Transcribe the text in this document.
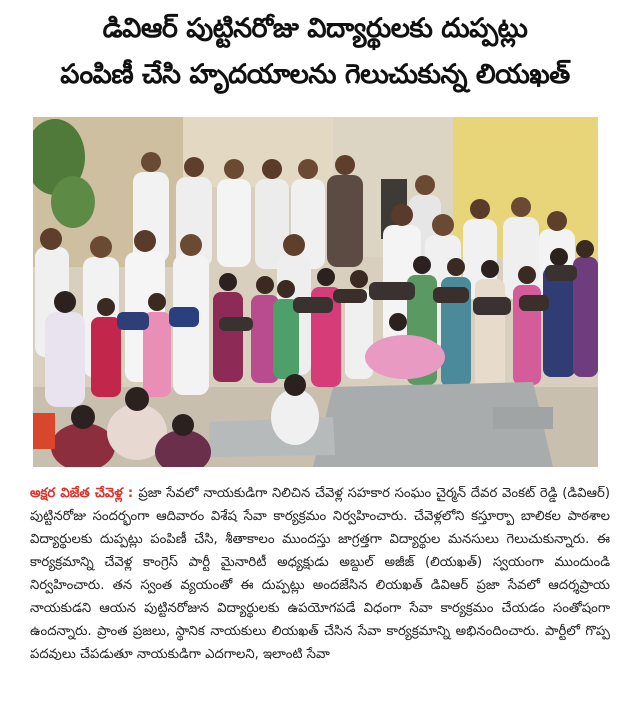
డివిఆర్ పుట్టినరోజు విద్యార్థులకు దుప్పట్లు
పంపిణీ చేసి హృదయాలను గెలుచుకున్న లియఖత్
అక్షర విజేత చేవెళ్ల : ప్రజా సేవలో నాయకుడిగా నిలిచిన చేవెళ్ల సహకార సంఘం చైర్మన్ దేవర వెంకట్ రెడ్డి (డివిఆర్) పుట్టినరోజు సందర్భంగా ఆదివారం విశేష సేవా కార్యక్రమం నిర్వహించారు. చేవెళ్లలోని కస్తూర్బా బాలికల పాఠశాల విద్యార్థులకు దుప్పట్లు పంపిణీ చేసి, శీతాకాలం ముందస్తు జాగ్రత్తగా విద్యార్థుల మనసులు గెలుచుకున్నారు. ఈ కార్యక్రమాన్ని చేవెళ్ల కాంగ్రెస్ పార్టీ మైనారిటీ అధ్యక్షుడు అబ్దుల్ అజీజ్ (లియఖత్) స్వయంగా ముందుండి నిర్వహించారు. తన స్వంత వ్యయంతో ఈ దుప్పట్లు అందజేసిన లియఖత్ డివిఆర్ ప్రజా సేవలో ఆదర్శప్రాయ నాయకుడని ఆయన పుట్టినరోజున విద్యార్థులకు ఉపయోగపడే విధంగా సేవా కార్యక్రమం చేయడం సంతోషంగా ఉందన్నారు. ప్రాంత ప్రజలు, స్థానిక నాయకులు లియఖత్ చేసిన సేవా కార్యక్రమాన్ని అభినందించారు. పార్టీలో గొప్ప పదవులు చేపడుతూ నాయకుడిగా ఎదగాలని, ఇలాంటి సేవా
